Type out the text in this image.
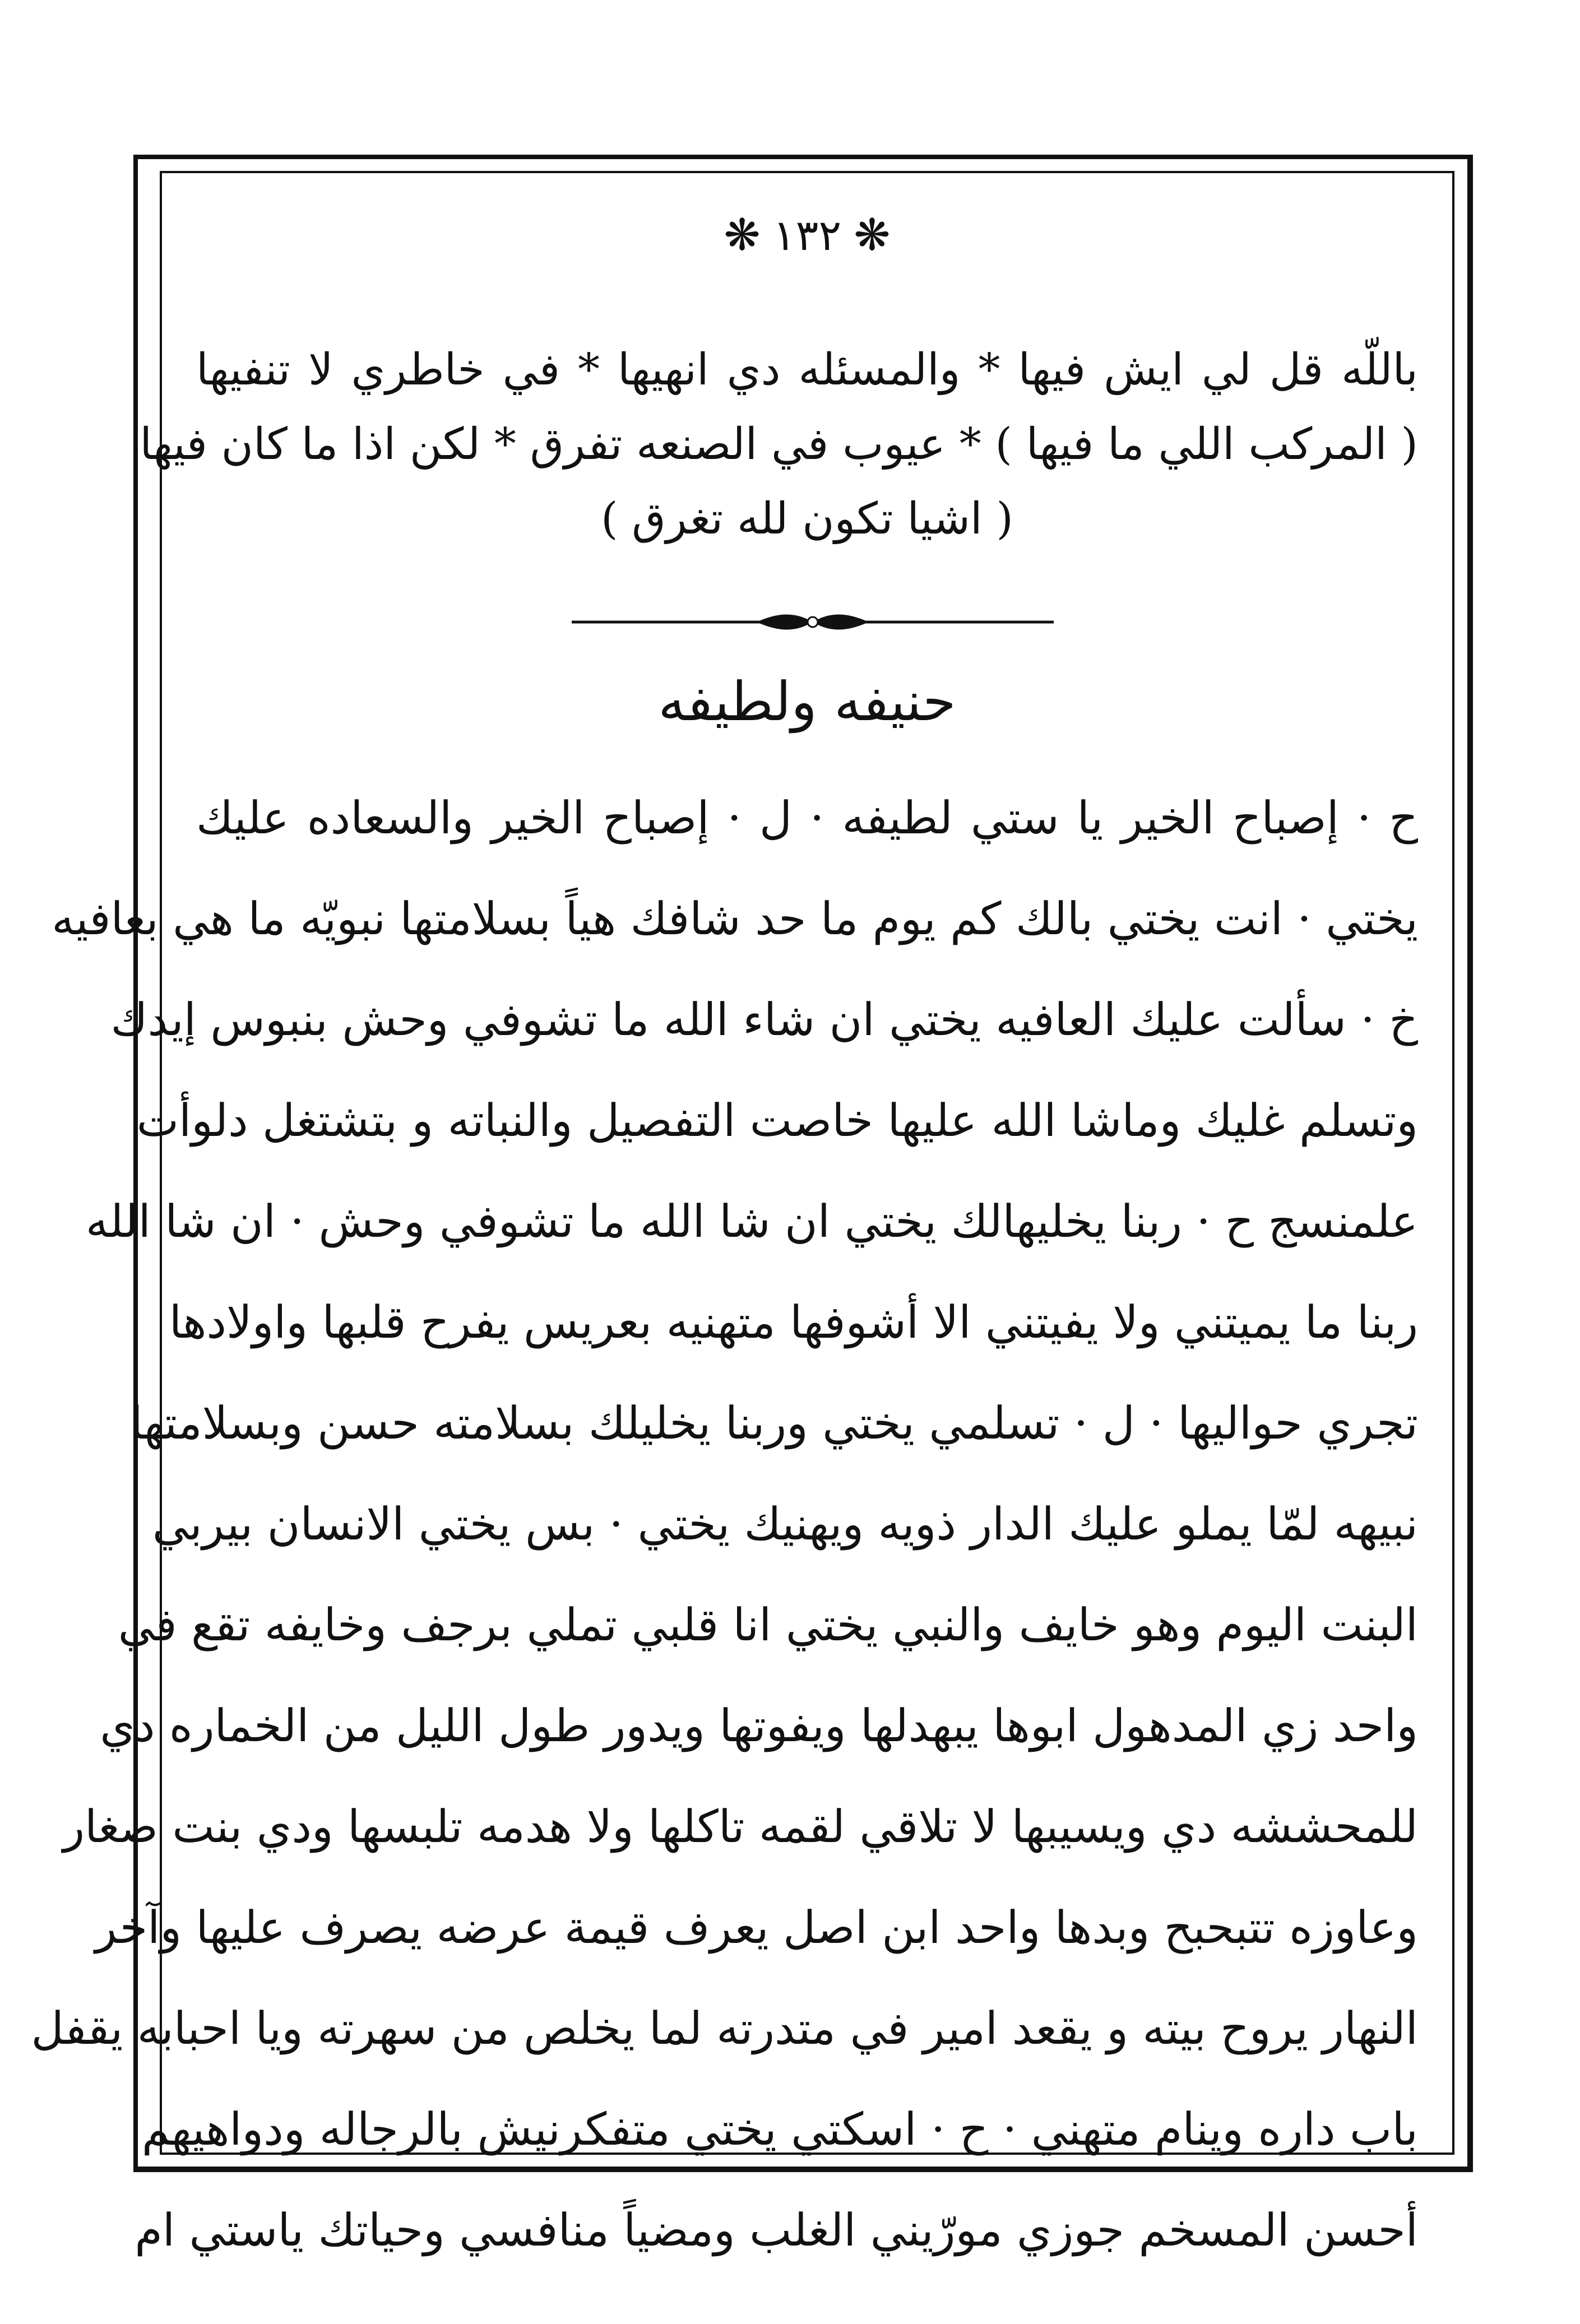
❋ ١٣٢ ❋

باللّه قل لي ايش فيها * والمسئله دي انهيها * في خاطري لا تنفيها

( المركب اللي ما فيها ) * عيوب في الصنعه تفرق * لكن اذا ما كان فيها

( اشيا تكون لله تغرق )

حنيفه ولطيفه

ح · إصباح الخير يا ستي لطيفه · ل · إصباح الخير والسعاده عليك

يختي · انت يختي بالك كم يوم ما حد شافك هياً بسلامتها نبويّه ما هي بعافيه

خ · سألت عليك العافيه يختي ان شاء الله ما تشوفي وحش بنبوس إيدك

وتسلم غليك وماشا الله عليها خاصت التفصيل والنباته و بتشتغل دلوأت

علمنسج ح · ربنا يخليهالك يختي ان شا الله ما تشوفي وحش · ان شا الله

ربنا ما يميتني ولا يفيتني الا أشوفها متهنيه بعريس يفرح قلبها واولادها

تجري حواليها · ل · تسلمي يختي وربنا يخليلك بسلامته حسن وبسلامتها

نبيهه لمّا يملو عليك الدار ذويه ويهنيك يختي · بس يختي الانسان بيربي

البنت اليوم وهو خايف والنبي يختي انا قلبي تملي برجف وخايفه تقع في

واحد زي المدهول ابوها يبهدلها ويفوتها ويدور طول الليل من الخماره دي

للمحششه دي ويسيبها لا تلاقي لقمه تاكلها ولا هدمه تلبسها ودي بنت صغار

وعاوزه تتبحبح وبدها واحد ابن اصل يعرف قيمة عرضه يصرف عليها وآخر

النهار يروح بيته و يقعد امير في متدرته لما يخلص من سهرته ويا احبابه يقفل

باب داره وينام متهني · ح · اسكتي يختي متفكرنيش بالرجاله ودواهيهم

أحسن المسخم جوزي مورّيني الغلب ومضياً منافسي وحياتك ياستي ام
